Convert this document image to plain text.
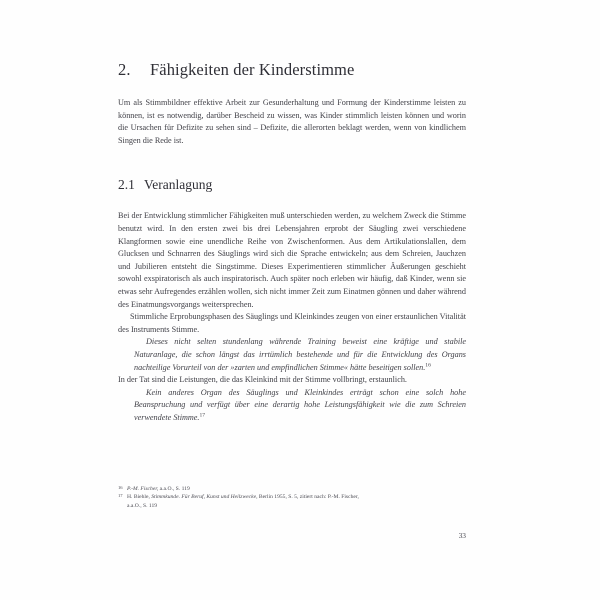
2.	Fähigkeiten der Kinderstimme

Um als Stimmbildner effektive Arbeit zur Gesunderhaltung und Formung der Kinderstimme leisten zu können, ist es notwendig, darüber Bescheid zu wissen, was Kinder stimmlich leisten können und worin die Ursachen für Defizite zu sehen sind – Defizite, die allerorten beklagt werden, wenn von kindlichem Singen die Rede ist.

2.1 Veranlagung

Bei der Entwicklung stimmlicher Fähigkeiten muß unterschieden werden, zu welchem Zweck die Stimme benutzt wird. In den ersten zwei bis drei Lebensjahren erprobt der Säugling zwei verschiedene Klangformen sowie eine unendliche Reihe von Zwischenformen. Aus dem Artikulationslallen, dem Glucksen und Schnarren des Säuglings wird sich die Sprache entwickeln; aus dem Schreien, Jauchzen und Jubilieren entsteht die Singstimme. Dieses Experimentieren stimmlicher Äußerungen geschieht sowohl exspiratorisch als auch inspiratorisch. Auch später noch erleben wir häufig, daß Kinder, wenn sie etwas sehr Aufregendes erzählen wollen, sich nicht immer Zeit zum Einatmen gönnen und daher während des Einatmungsvorgangs weitersprechen.

Stimmliche Erprobungsphasen des Säuglings und Kleinkindes zeugen von einer erstaunlichen Vitalität des Instruments Stimme.

Dieses nicht selten stundenlang währende Training beweist eine kräftige und stabile Naturanlage, die schon längst das irrtümlich bestehende und für die Entwicklung des Organs nachteilige Vorurteil von der »zarten und empfindlichen Stimme« hätte beseitigen sollen.$^{16}$

In der Tat sind die Leistungen, die das Kleinkind mit der Stimme vollbringt, erstaunlich.

Kein anderes Organ des Säuglings und Kleinkindes erträgt schon eine solch hohe Beanspruchung und verfügt über eine derartig hohe Leistungsfähigkeit wie die zum Schreien verwendete Stimme.$^{17}$

16 P.-M. Fischer, a.a.O., S. 119
17 H. Biehle, Stimmkunde. Für Beruf, Kunst und Heilzwecke, Berlin 1955, S. 5, zitiert nach: P.-M. Fischer,
a.a.O., S. 119
33
